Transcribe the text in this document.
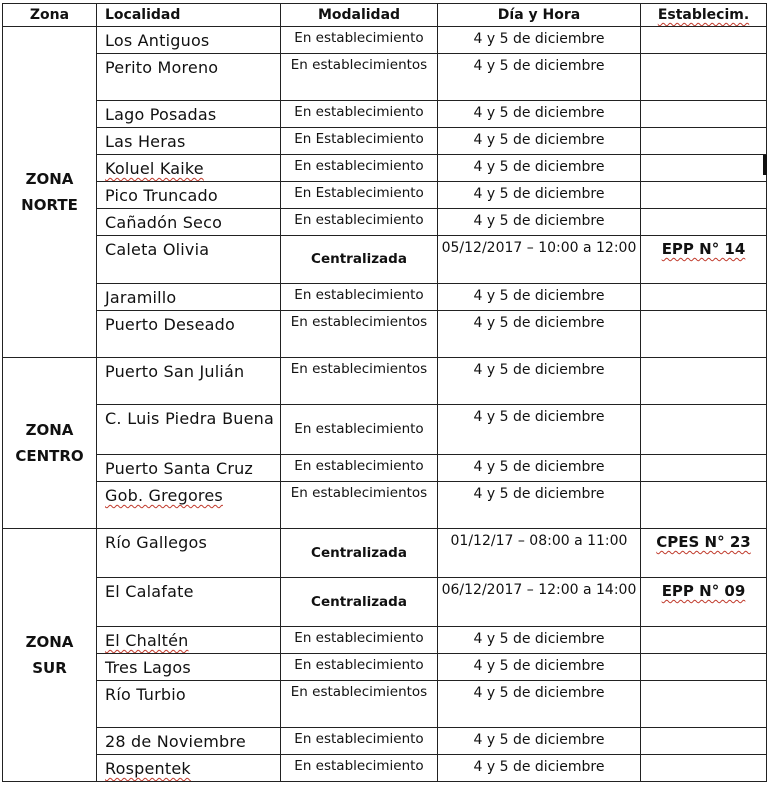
Zona	Localidad	Modalidad	Día y Hora	Establecim.
ZONA
NORTE	Los Antiguos	En establecimiento	4 y 5 de diciembre	
	Perito Moreno	En establecimientos	4 y 5 de diciembre	
	Lago Posadas	En establecimiento	4 y 5 de diciembre	
	Las Heras	En Establecimiento	4 y 5 de diciembre	
	Koluel Kaike	En establecimiento	4 y 5 de diciembre	
	Pico Truncado	En Establecimiento	4 y 5 de diciembre	
	Cañadón Seco	En establecimiento	4 y 5 de diciembre	
	Caleta Olivia	Centralizada	05/12/2017 – 10:00 a 12:00	EPP N° 14
	Jaramillo	En establecimiento	4 y 5 de diciembre	
	Puerto Deseado	En establecimientos	4 y 5 de diciembre	
ZONA
CENTRO	Puerto San Julián	En establecimientos	4 y 5 de diciembre	
	C. Luis Piedra Buena	En establecimiento	4 y 5 de diciembre	
	Puerto Santa Cruz	En establecimiento	4 y 5 de diciembre	
	Gob. Gregores	En establecimientos	4 y 5 de diciembre	
ZONA
SUR	Río Gallegos	Centralizada	01/12/17 – 08:00 a 11:00	CPES N° 23
	El Calafate	Centralizada	06/12/2017 – 12:00 a 14:00	EPP N° 09
	El Chaltén	En establecimiento	4 y 5 de diciembre	
	Tres Lagos	En establecimiento	4 y 5 de diciembre	
	Río Turbio	En establecimientos	4 y 5 de diciembre	
	28 de Noviembre	En establecimiento	4 y 5 de diciembre	
	Rospentek	En establecimiento	4 y 5 de diciembre	
